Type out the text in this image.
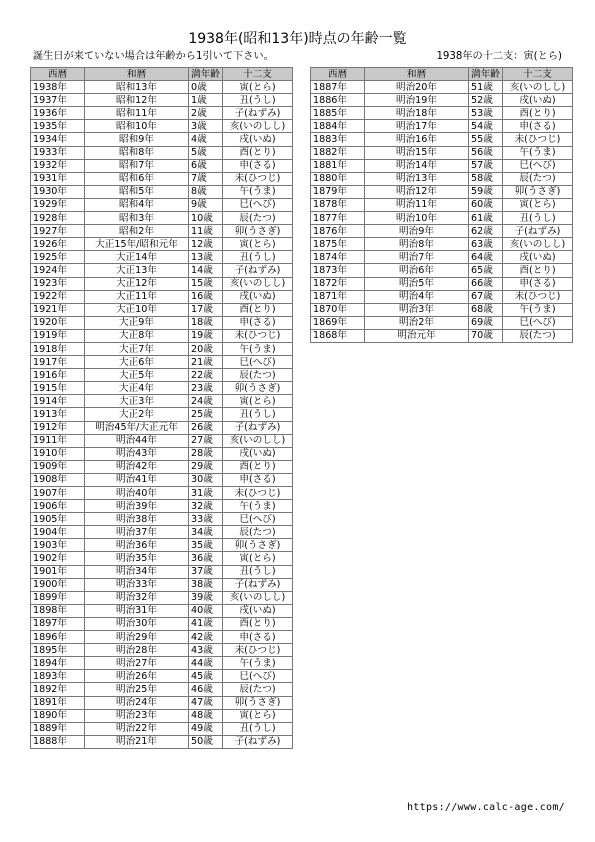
1938年(昭和13年)時点の年齢一覧
誕生日が来ていない場合は年齢から1引いて下さい。	1938年の十二支：寅(とら)
西暦	和暦	満年齢	十二支
1938年	昭和13年	0歳	寅(とら)
1937年	昭和12年	1歳	丑(うし)
1936年	昭和11年	2歳	子(ねずみ)
1935年	昭和10年	3歳	亥(いのしし)
1934年	昭和9年	4歳	戌(いぬ)
1933年	昭和8年	5歳	酉(とり)
1932年	昭和7年	6歳	申(さる)
1931年	昭和6年	7歳	未(ひつじ)
1930年	昭和5年	8歳	午(うま)
1929年	昭和4年	9歳	巳(へび)
1928年	昭和3年	10歳	辰(たつ)
1927年	昭和2年	11歳	卯(うさぎ)
1926年	大正15年/昭和元年	12歳	寅(とら)
1925年	大正14年	13歳	丑(うし)
1924年	大正13年	14歳	子(ねずみ)
1923年	大正12年	15歳	亥(いのしし)
1922年	大正11年	16歳	戌(いぬ)
1921年	大正10年	17歳	酉(とり)
1920年	大正9年	18歳	申(さる)
1919年	大正8年	19歳	未(ひつじ)
1918年	大正7年	20歳	午(うま)
1917年	大正6年	21歳	巳(へび)
1916年	大正5年	22歳	辰(たつ)
1915年	大正4年	23歳	卯(うさぎ)
1914年	大正3年	24歳	寅(とら)
1913年	大正2年	25歳	丑(うし)
1912年	明治45年/大正元年	26歳	子(ねずみ)
1911年	明治44年	27歳	亥(いのしし)
1910年	明治43年	28歳	戌(いぬ)
1909年	明治42年	29歳	酉(とり)
1908年	明治41年	30歳	申(さる)
1907年	明治40年	31歳	未(ひつじ)
1906年	明治39年	32歳	午(うま)
1905年	明治38年	33歳	巳(へび)
1904年	明治37年	34歳	辰(たつ)
1903年	明治36年	35歳	卯(うさぎ)
1902年	明治35年	36歳	寅(とら)
1901年	明治34年	37歳	丑(うし)
1900年	明治33年	38歳	子(ねずみ)
1899年	明治32年	39歳	亥(いのしし)
1898年	明治31年	40歳	戌(いぬ)
1897年	明治30年	41歳	酉(とり)
1896年	明治29年	42歳	申(さる)
1895年	明治28年	43歳	未(ひつじ)
1894年	明治27年	44歳	午(うま)
1893年	明治26年	45歳	巳(へび)
1892年	明治25年	46歳	辰(たつ)
1891年	明治24年	47歳	卯(うさぎ)
1890年	明治23年	48歳	寅(とら)
1889年	明治22年	49歳	丑(うし)
1888年	明治21年	50歳	子(ねずみ)
西暦	和暦	満年齢	十二支
1887年	明治20年	51歳	亥(いのしし)
1886年	明治19年	52歳	戌(いぬ)
1885年	明治18年	53歳	酉(とり)
1884年	明治17年	54歳	申(さる)
1883年	明治16年	55歳	未(ひつじ)
1882年	明治15年	56歳	午(うま)
1881年	明治14年	57歳	巳(へび)
1880年	明治13年	58歳	辰(たつ)
1879年	明治12年	59歳	卯(うさぎ)
1878年	明治11年	60歳	寅(とら)
1877年	明治10年	61歳	丑(うし)
1876年	明治9年	62歳	子(ねずみ)
1875年	明治8年	63歳	亥(いのしし)
1874年	明治7年	64歳	戌(いぬ)
1873年	明治6年	65歳	酉(とり)
1872年	明治5年	66歳	申(さる)
1871年	明治4年	67歳	未(ひつじ)
1870年	明治3年	68歳	午(うま)
1869年	明治2年	69歳	巳(へび)
1868年	明治元年	70歳	辰(たつ)
https://www.calc-age.com/
